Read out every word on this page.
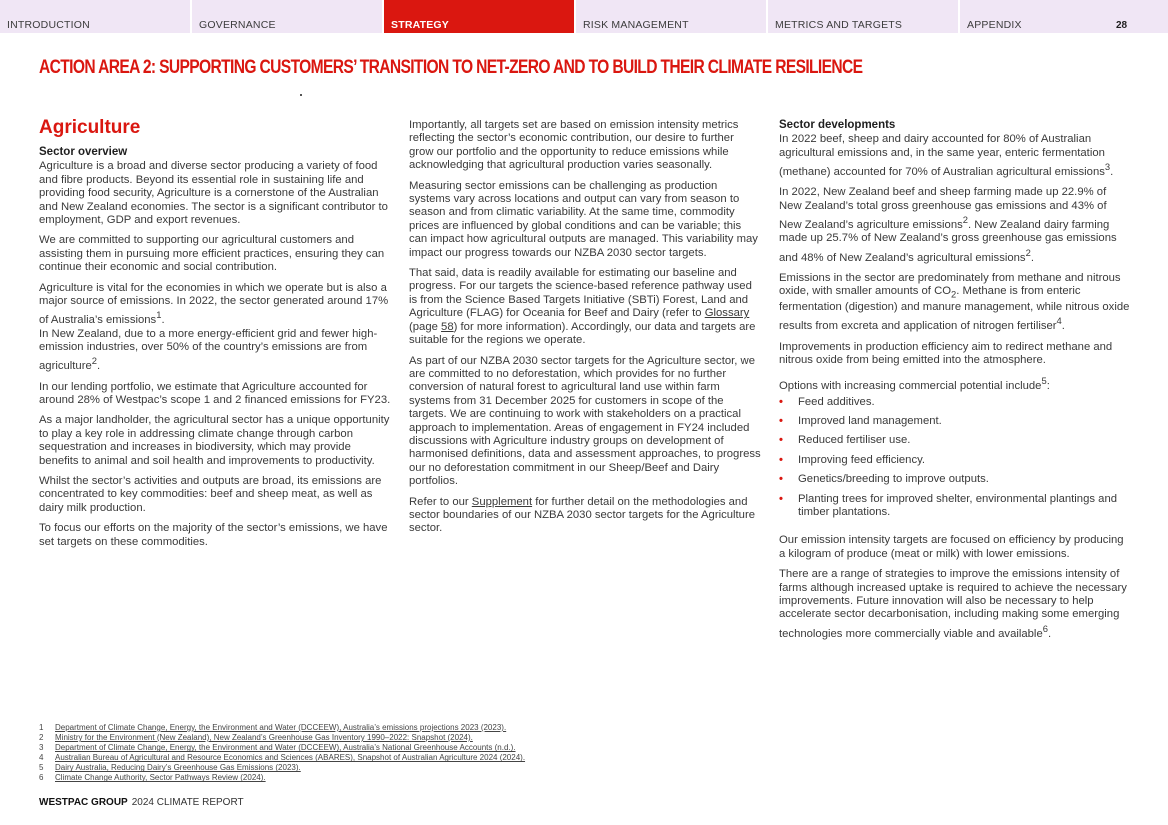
INTRODUCTION	GOVERNANCE	STRATEGY	RISK MANAGEMENT	METRICS AND TARGETS	APPENDIX	28
ACTION AREA 2: SUPPORTING CUSTOMERS’ TRANSITION TO NET-ZERO AND TO BUILD THEIR CLIMATE RESILIENCE
Agriculture
Sector overview

Agriculture is a broad and diverse sector producing a variety of food and fibre products. Beyond its essential role in sustaining life and providing food security, Agriculture is a cornerstone of the Australian and New Zealand economies. The sector is a significant contributor to employment, GDP and export revenues.

We are committed to supporting our agricultural customers and assisting them in pursuing more efficient practices, ensuring they can continue their economic and social contribution.

Agriculture is vital for the economies in which we operate but is also a major source of emissions. In 2022, the sector generated around 17% of Australia’s emissions$^1$.
In New Zealand, due to a more energy-efficient grid and fewer high-emission industries, over 50% of the country’s emissions are from agriculture$^2$.

In our lending portfolio, we estimate that Agriculture accounted for around 28% of Westpac’s scope 1 and 2 financed emissions for FY23.

As a major landholder, the agricultural sector has a unique opportunity to play a key role in addressing climate change through carbon sequestration and increases in biodiversity, which may provide benefits to animal and soil health and improvements to productivity.

Whilst the sector’s activities and outputs are broad, its emissions are concentrated to key commodities: beef and sheep meat, as well as dairy milk production.

To focus our efforts on the majority of the sector’s emissions, we have set targets on these commodities.

Importantly, all targets set are based on emission intensity metrics reflecting the sector’s economic contribution, our desire to further grow our portfolio and the opportunity to reduce emissions while acknowledging that agricultural production varies seasonally.

Measuring sector emissions can be challenging as production systems vary across locations and output can vary from season to season and from climatic variability. At the same time, commodity prices are influenced by global conditions and can be variable; this can impact how agricultural outputs are managed. This variability may impact our progress towards our NZBA 2030 sector targets.

That said, data is readily available for estimating our baseline and progress. For our targets the science-based reference pathway used is from the Science Based Targets Initiative (SBTi) Forest, Land and Agriculture (FLAG) for Oceania for Beef and Dairy (refer to Glossary (page 58) for more information). Accordingly, our data and targets are suitable for the regions we operate.

As part of our NZBA 2030 sector targets for the Agriculture sector, we are committed to no deforestation, which provides for no further conversion of natural forest to agricultural land use within farm systems from 31 December 2025 for customers in scope of the targets. We are continuing to work with stakeholders on a practical approach to implementation. Areas of engagement in FY24 included discussions with Agriculture industry groups on development of harmonised definitions, data and assessment approaches, to progress our no deforestation commitment in our Sheep/Beef and Dairy portfolios.

Refer to our Supplement for further detail on the methodologies and sector boundaries of our NZBA 2030 sector targets for the Agriculture sector.

Sector developments

In 2022 beef, sheep and dairy accounted for 80% of Australian agricultural emissions and, in the same year, enteric fermentation (methane) accounted for 70% of Australian agricultural emissions$^3$.

In 2022, New Zealand beef and sheep farming made up 22.9% of New Zealand’s total gross greenhouse gas emissions and 43% of New Zealand’s agriculture emissions$^2$. New Zealand dairy farming made up 25.7% of New Zealand’s gross greenhouse gas emissions and 48% of New Zealand’s agricultural emissions$^2$.

Emissions in the sector are predominately from methane and nitrous oxide, with smaller amounts of $CO_2$. Methane is from enteric fermentation (digestion) and manure management, while nitrous oxide results from excreta and application of nitrogen fertiliser$^4$.

Improvements in production efficiency aim to redirect methane and nitrous oxide from being emitted into the atmosphere.

Options with increasing commercial potential include$^5$:

• Feed additives.
• Improved land management.
• Reduced fertiliser use.
• Improving feed efficiency.
• Genetics/breeding to improve outputs.
• Planting trees for improved shelter, environmental plantings and timber plantations.

Our emission intensity targets are focused on efficiency by producing a kilogram of produce (meat or milk) with lower emissions.

There are a range of strategies to improve the emissions intensity of farms although increased uptake is required to achieve the necessary improvements. Future innovation will also be necessary to help accelerate sector decarbonisation, including making some emerging technologies more commercially viable and available$^6$.

1 Department of Climate Change, Energy, the Environment and Water (DCCEEW), Australia’s emissions projections 2023 (2023).
2 Ministry for the Environment (New Zealand), New Zealand’s Greenhouse Gas Inventory 1990–2022: Snapshot (2024).
3 Department of Climate Change, Energy, the Environment and Water (DCCEEW), Australia’s National Greenhouse Accounts (n.d.).
4 Australian Bureau of Agricultural and Resource Economics and Sciences (ABARES), Snapshot of Australian Agriculture 2024 (2024).
5 Dairy Australia, Reducing Dairy’s Greenhouse Gas Emissions (2023).
6 Climate Change Authority, Sector Pathways Review (2024).
WESTPAC GROUP 2024 CLIMATE REPORT
